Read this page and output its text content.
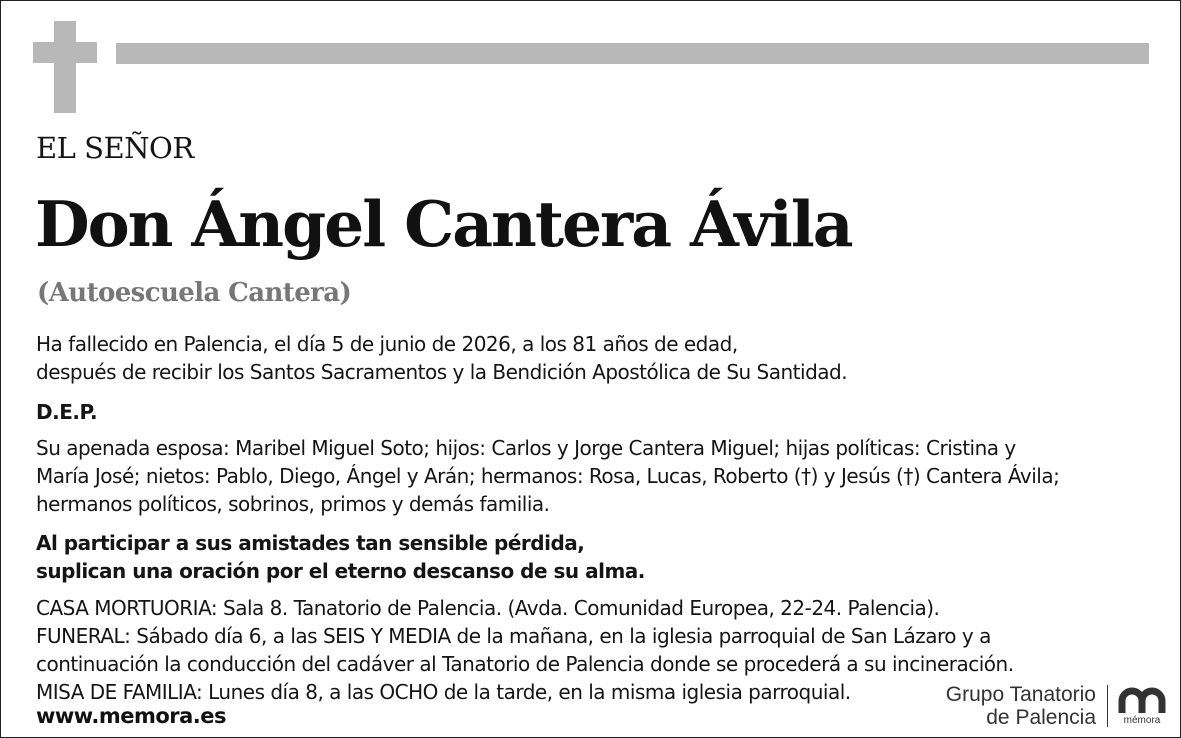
EL SEÑOR
Don Ángel Cantera Ávila
(Autoescuela Cantera)
Ha fallecido en Palencia, el día 5 de junio de 2026, a los 81 años de edad,
después de recibir los Santos Sacramentos y la Bendición Apostólica de Su Santidad.
D.E.P.
Su apenada esposa: Maribel Miguel Soto; hijos: Carlos y Jorge Cantera Miguel; hijas políticas: Cristina y
María José; nietos: Pablo, Diego, Ángel y Arán; hermanos: Rosa, Lucas, Roberto (†) y Jesús (†) Cantera Ávila;
hermanos políticos, sobrinos, primos y demás familia.
Al participar a sus amistades tan sensible pérdida,
suplican una oración por el eterno descanso de su alma.
CASA MORTUORIA: Sala 8. Tanatorio de Palencia. (Avda. Comunidad Europea, 22-24. Palencia).
FUNERAL: Sábado día 6, a las SEIS Y MEDIA de la mañana, en la iglesia parroquial de San Lázaro y a
continuación la conducción del cadáver al Tanatorio de Palencia donde se procederá a su incineración.
MISA DE FAMILIA: Lunes día 8, a las OCHO de la tarde, en la misma iglesia parroquial.
www.memora.es
Grupo Tanatorio
de Palencia	mémora
